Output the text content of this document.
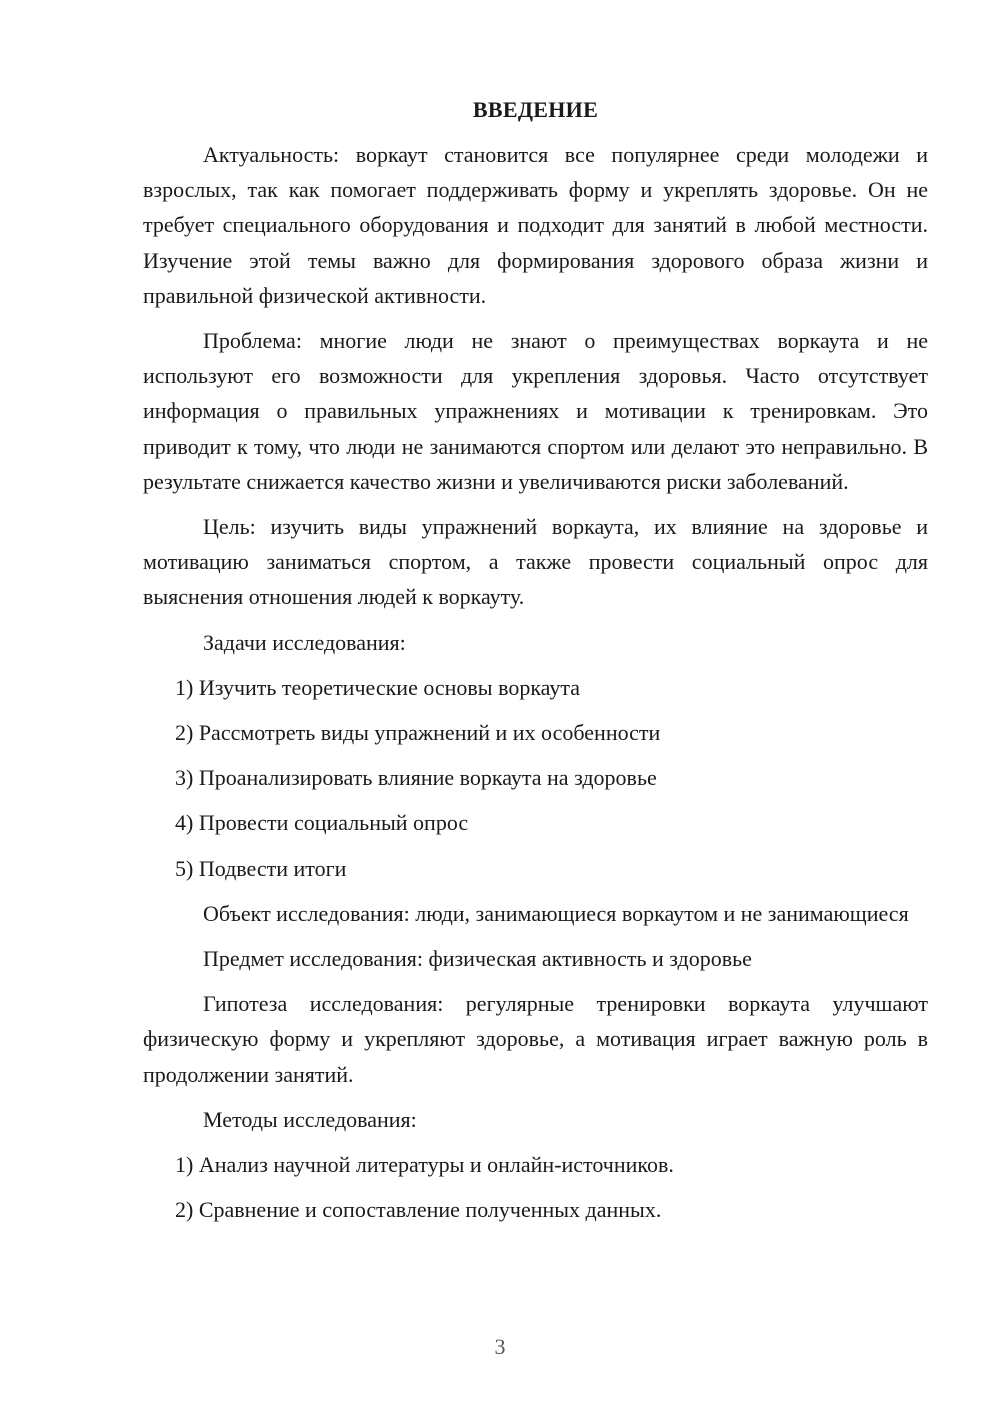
ВВЕДЕНИЕ

Актуальность: воркаут становится все популярнее среди молодежи и взрослых, так как помогает поддерживать форму и укреплять здоровье. Он не требует специального оборудования и подходит для занятий в любой местности. Изучение этой темы важно для формирования здорового образа жизни и правильной физической активности.

Проблема: многие люди не знают о преимуществах воркаута и не используют его возможности для укрепления здоровья. Часто отсутствует информация о правильных упражнениях и мотивации к тренировкам. Это приводит к тому, что люди не занимаются спортом или делают это неправильно. В результате снижается качество жизни и увеличиваются риски заболеваний.

Цель: изучить виды упражнений воркаута, их влияние на здоровье и мотивацию заниматься спортом, а также провести социальный опрос для выяснения отношения людей к воркауту.

Задачи исследования:

1) Изучить теоретические основы воркаута

2) Рассмотреть виды упражнений и их особенности

3) Проанализировать влияние воркаута на здоровье

4) Провести социальный опрос

5) Подвести итоги

Объект исследования: люди, занимающиеся воркаутом и не занимающиеся

Предмет исследования: физическая активность и здоровье

Гипотеза исследования: регулярные тренировки воркаута улучшают физическую форму и укрепляют здоровье, а мотивация играет важную роль в продолжении занятий.

Методы исследования:

1) Анализ научной литературы и онлайн-источников.

2) Сравнение и сопоставление полученных данных.

3
